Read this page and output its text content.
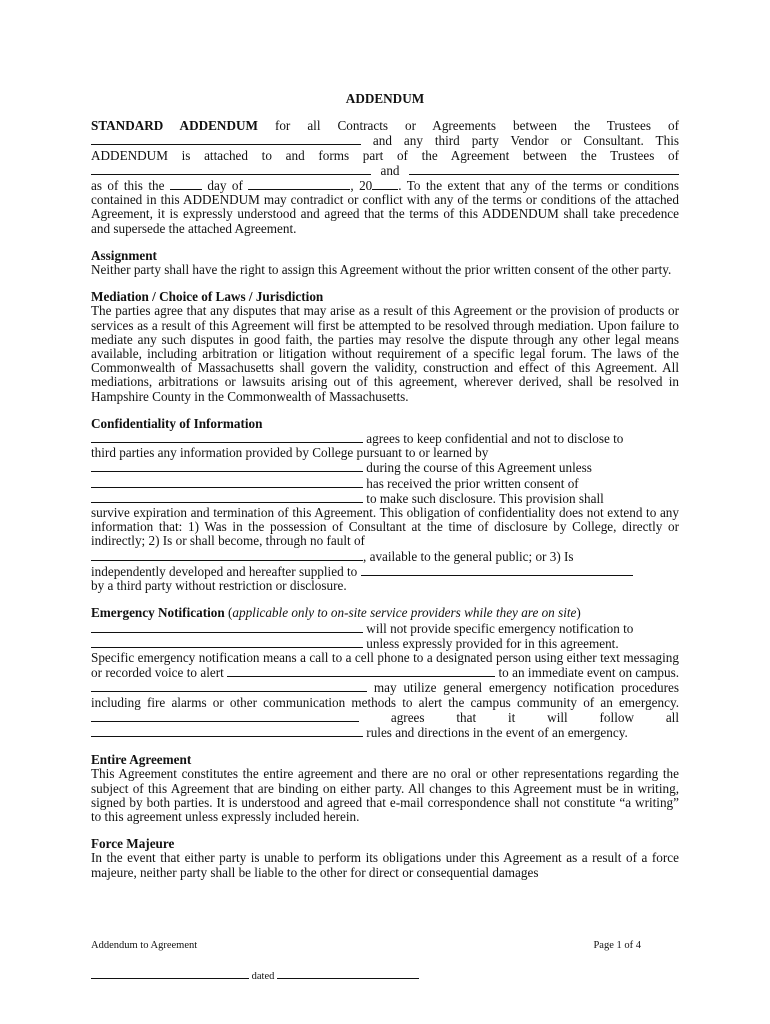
ADDENDUM

STANDARD ADDENDUM for all Contracts or Agreements between the Trustees of  and any third party Vendor or Consultant. This ADDENDUM is attached to and forms part of the Agreement between the Trustees of  and  as of this the	day of	, 20 . To the extent that any of the terms or conditions contained in this ADDENDUM may contradict or conflict with any of the terms or conditions of the attached Agreement, it is expressly understood and agreed that the terms of this ADDENDUM shall take precedence and supersede the attached Agreement.

Assignment

Neither party shall have the right to assign this Agreement without the prior written consent of the other party.

Mediation / Choice of Laws / Jurisdiction

The parties agree that any disputes that may arise as a result of this Agreement or the provision of products or services as a result of this Agreement will first be attempted to be resolved through mediation. Upon failure to mediate any such disputes in good faith, the parties may resolve the dispute through any other legal means available, including arbitration or litigation without requirement of a specific legal forum. The laws of the Commonwealth of Massachusetts shall govern the validity, construction and effect of this Agreement. All mediations, arbitrations or lawsuits arising out of this agreement, wherever derived, shall be resolved in Hampshire County in the Commonwealth of Massachusetts.

Confidentiality of Information

agrees to keep confidential and not to disclose to
third parties any information provided by College pursuant to or learned by
during the course of this Agreement unless
has received the prior written consent of
to make such disclosure. This provision shall

survive expiration and termination of this Agreement. This obligation of confidentiality does not extend to any information that: 1) Was in the possession of Consultant at the time of disclosure by College, directly or indirectly; 2) Is or shall become, through no fault of

, available to the general public; or 3) Is
independently developed and hereafter supplied to
by a third party without restriction or disclosure.

Emergency Notification (applicable only to on-site service providers while they are on site)

will not provide specific emergency notification to

unless expressly provided for in this agreement.

Specific emergency notification means a call to a cell phone to a designated person using either text messaging or recorded voice to alert	to an immediate event on campus.  may utilize general emergency notification procedures including fire alarms or other communication methods to alert the campus community of an emergency.  agrees that it will follow all  rules and directions in the event of an emergency.

Entire Agreement

This Agreement constitutes the entire agreement and there are no oral or other representations regarding the subject of this Agreement that are binding on either party. All changes to this Agreement must be in writing, signed by both parties. It is understood and agreed that e-mail correspondence shall not constitute “a writing” to this agreement unless expressly included herein.

Force Majeure

In the event that either party is unable to perform its obligations under this Agreement as a result of a force majeure, neither party shall be liable to the other for direct or consequential damages

Addendum to Agreement	Page 1 of 4
dated
